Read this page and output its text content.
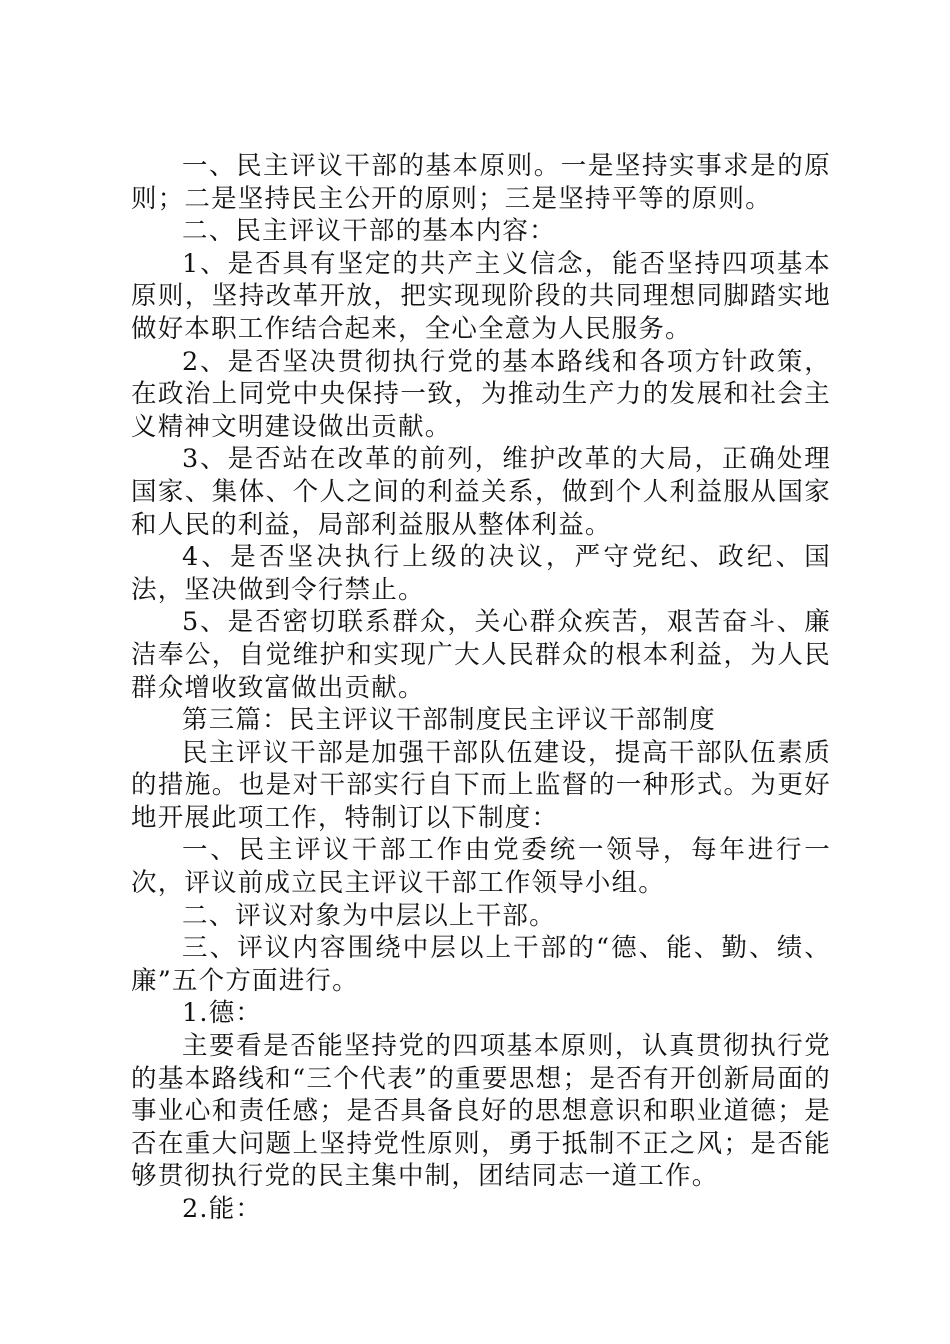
一、民主评议干部的基本原则。一是坚持实事求是的原则；二是坚持民主公开的原则；三是坚持平等的原则。

二、民主评议干部的基本内容：

1、是否具有坚定的共产主义信念，能否坚持四项基本原则，坚持改革开放，把实现现阶段的共同理想同脚踏实地做好本职工作结合起来，全心全意为人民服务。

2、是否坚决贯彻执行党的基本路线和各项方针政策，在政治上同党中央保持一致，为推动生产力的发展和社会主义精神文明建设做出贡献。

3、是否站在改革的前列，维护改革的大局，正确处理国家、集体、个人之间的利益关系，做到个人利益服从国家和人民的利益，局部利益服从整体利益。

4、是否坚决执行上级的决议，严守党纪、政纪、国法，坚决做到令行禁止。

5、是否密切联系群众，关心群众疾苦，艰苦奋斗、廉洁奉公，自觉维护和实现广大人民群众的根本利益，为人民群众增收致富做出贡献。

第三篇：民主评议干部制度民主评议干部制度

民主评议干部是加强干部队伍建设，提高干部队伍素质的措施。也是对干部实行自下而上监督的一种形式。为更好地开展此项工作，特制订以下制度：

一、民主评议干部工作由党委统一领导，每年进行一次，评议前成立民主评议干部工作领导小组。

二、评议对象为中层以上干部。

三、评议内容围绕中层以上干部的“德、能、勤、绩、廉”五个方面进行。

1.德：

主要看是否能坚持党的四项基本原则，认真贯彻执行党的基本路线和“三个代表”的重要思想；是否有开创新局面的事业心和责任感；是否具备良好的思想意识和职业道德；是否在重大问题上坚持党性原则，勇于抵制不正之风；是否能够贯彻执行党的民主集中制，团结同志一道工作。

2.能：
